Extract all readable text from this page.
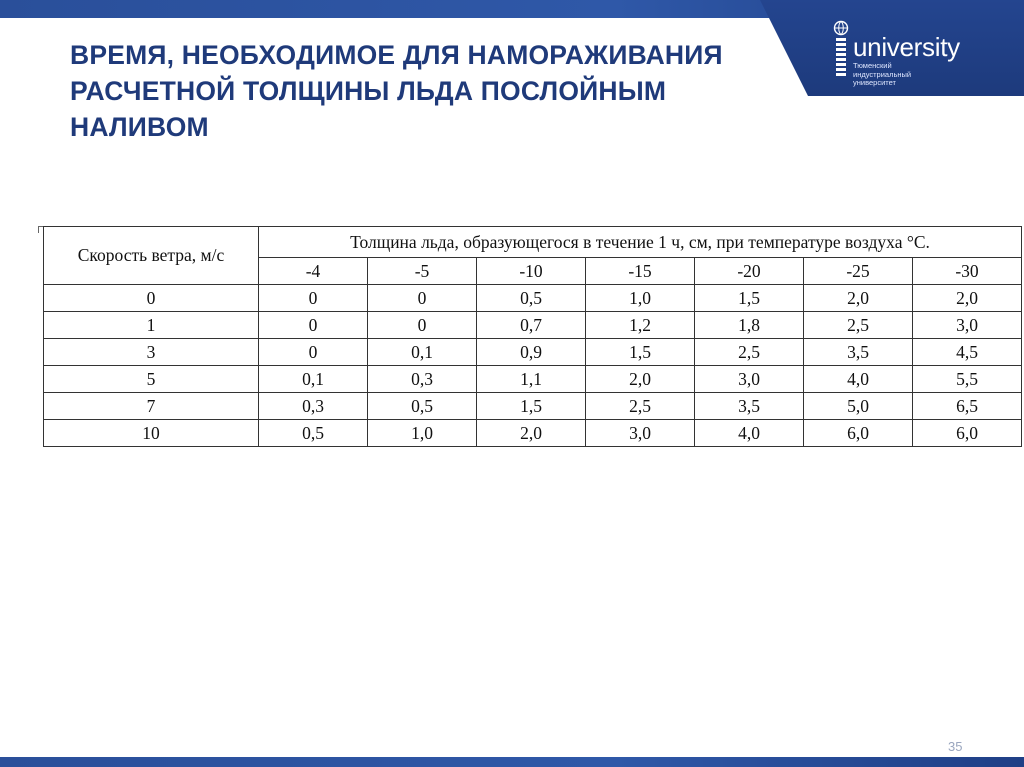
university
Тюменский
индустриальный
университет
ВРЕМЯ, НЕОБХОДИМОЕ ДЛЯ НАМОРАЖИВАНИЯ
РАСЧЕТНОЙ ТОЛЩИНЫ ЛЬДА ПОСЛОЙНЫМ
НАЛИВОМ
Скорость ветра, м/с	Толщина льда, образующегося в течение 1 ч, см, при температуре воздуха °С.						
	-4	-5	-10	-15	-20	-25	-30
0	0	0	0,5	1,0	1,5	2,0	2,0
1	0	0	0,7	1,2	1,8	2,5	3,0
3	0	0,1	0,9	1,5	2,5	3,5	4,5
5	0,1	0,3	1,1	2,0	3,0	4,0	5,5
7	0,3	0,5	1,5	2,5	3,5	5,0	6,5
10	0,5	1,0	2,0	3,0	4,0	6,0	6,0
35
